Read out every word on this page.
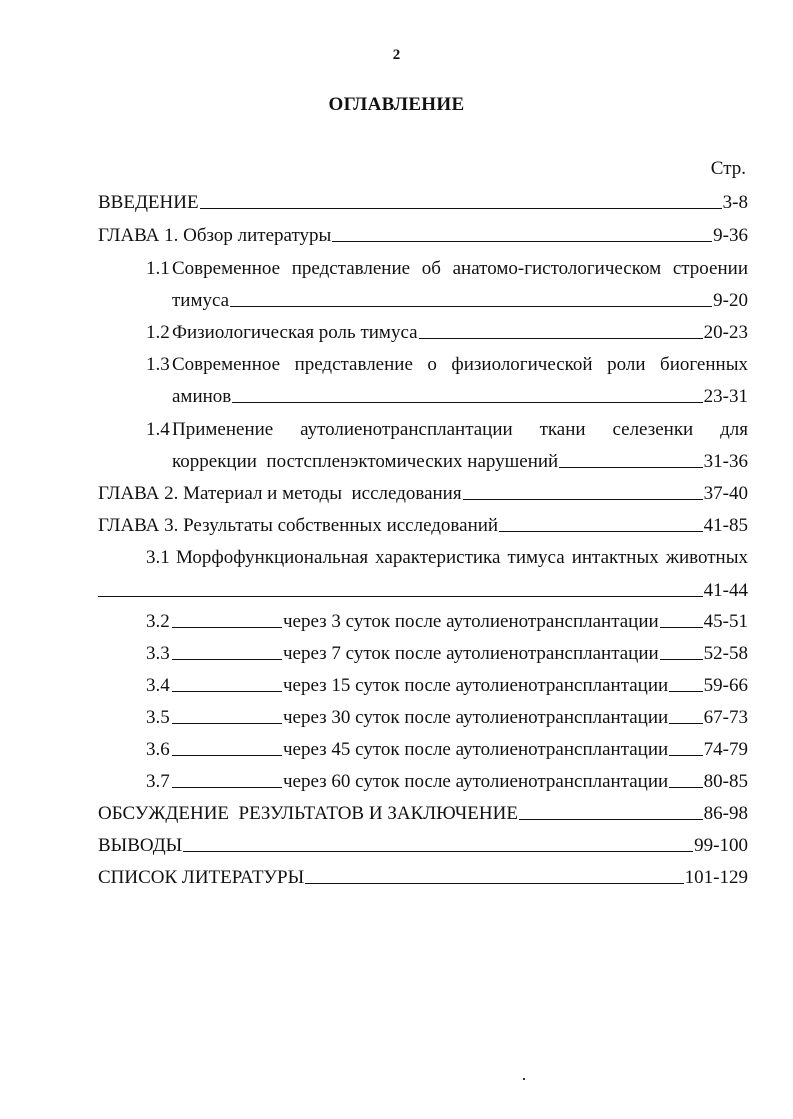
2
ОГЛАВЛЕНИЕ
Стр.
ВВЕДЕНИЕ	3-8
ГЛАВА 1. Обзор литературы	9-36
1.1 Современное представление об анатомо-гистологическом строении
тимуса	9-20
1.2 Физиологическая роль тимуса	20-23
1.3 Современное представление о физиологической роли биогенных
аминов	23-31
1.4 Применение аутолиенотрансплантации ткани селезенки для
коррекции  постспленэктомических нарушений	31-36
ГЛАВА 2. Материал и методы  исследования	37-40
ГЛАВА 3. Результаты собственных исследований	41-85
3.1 Морфофункциональная характеристика тимуса интактных животных
41-44
3.2	через 3 суток после аутолиенотрансплантации 45-51
3.3	через 7 суток после аутолиенотрансплантации 52-58
3.4	через 15 суток после аутолиенотрансплантации 59-66
3.5	через 30 суток после аутолиенотрансплантации 67-73
3.6	через 45 суток после аутолиенотрансплантации 74-79
3.7	через 60 суток после аутолиенотрансплантации 80-85
ОБСУЖДЕНИЕ  РЕЗУЛЬТАТОВ И ЗАКЛЮЧЕНИЕ	86-98
ВЫВОДЫ	99-100
СПИСОК ЛИТЕРАТУРЫ	101-129
